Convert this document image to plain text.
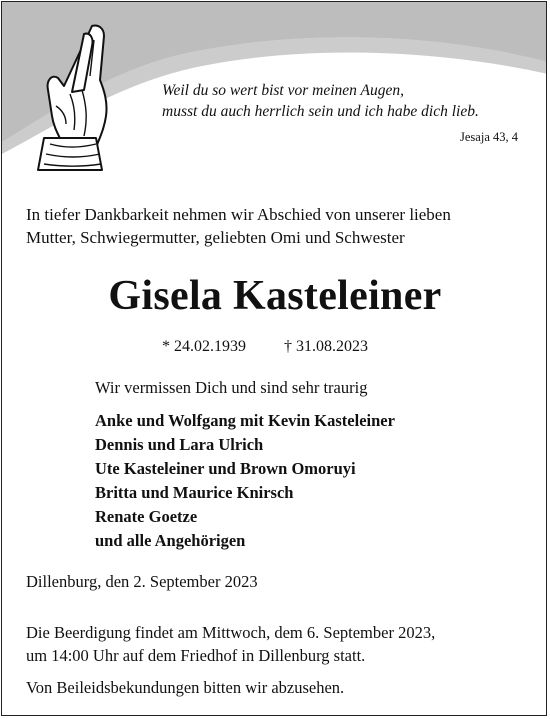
Weil du so wert bist vor meinen Augen,
musst du auch herrlich sein und ich habe dich lieb.
Jesaja 43, 4
In tiefer Dankbarkeit nehmen wir Abschied von unserer lieben
Mutter, Schwiegermutter, geliebten Omi und Schwester
Gisela Kasteleiner
* 24.02.1939 † 31.08.2023
Wir vermissen Dich und sind sehr traurig
Anke und Wolfgang mit Kevin Kasteleiner
Dennis und Lara Ulrich
Ute Kasteleiner und Brown Omoruyi
Britta und Maurice Knirsch
Renate Goetze
und alle Angehörigen
Dillenburg, den 2. September 2023
Die Beerdigung findet am Mittwoch, dem 6. September 2023,
um 14:00 Uhr auf dem Friedhof in Dillenburg statt.
Von Beileidsbekundungen bitten wir abzusehen.
